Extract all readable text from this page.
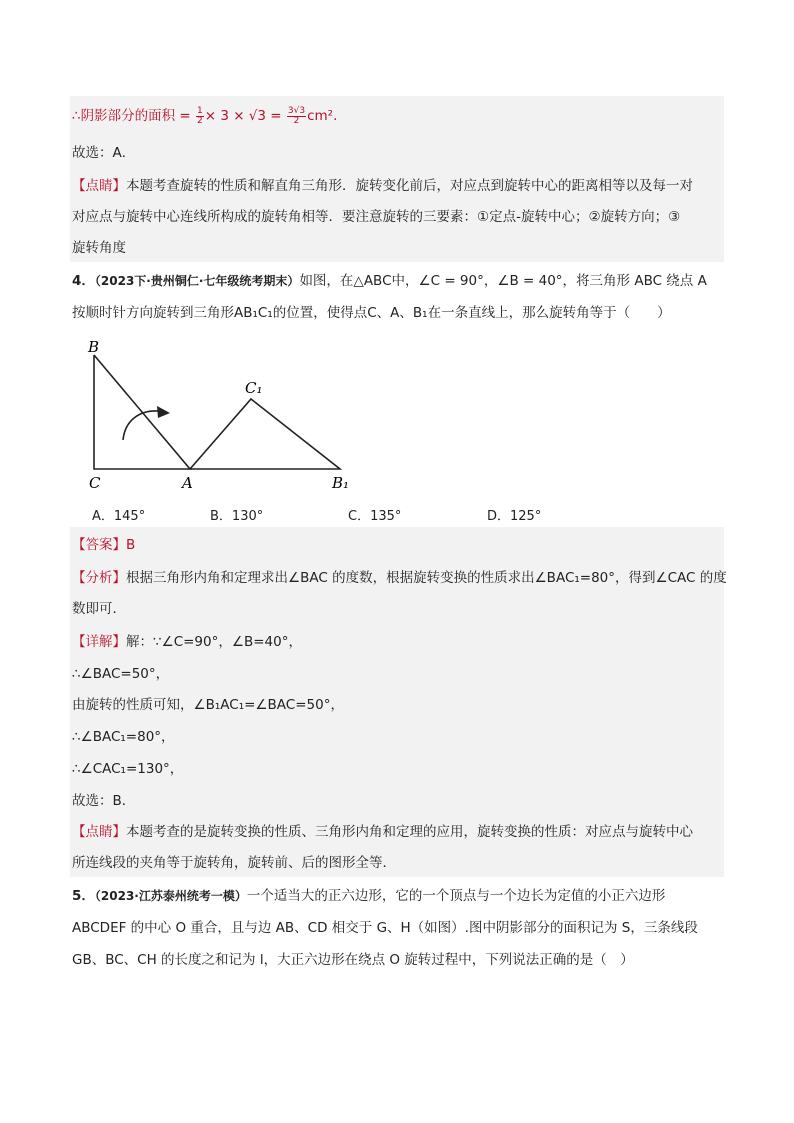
∴阴影部分的面积 = $\frac{1}{2} \times 3 \times √3 = \frac{3√3}{2} cm^2$.
故选：A．
【点睛】本题考查旋转的性质和解直角三角形．旋转变化前后，对应点到旋转中心的距离相等以及每一对
对应点与旋转中心连线所构成的旋转角相等．要注意旋转的三要素：①定点-旋转中心；②旋转方向；③
旋转角度
4．（2023下·贵州铜仁·七年级统考期末）如图，在△ABC中，∠C = 90°，∠B = 40°，将三角形 ABC 绕点 A
按顺时针方向旋转到三角形AB₁C₁的位置，使得点C、A、B₁在一条直线上，那么旋转角等于（　　）
B
C₁
C	A	B₁
A．145°	B．130°	C．135°	D．125°
【答案】B
【分析】根据三角形内角和定理求出∠BAC 的度数，根据旋转变换的性质求出∠BAC₁=80°，得到∠CAC 的度
数即可．
【详解】解：∵∠C=90°，∠B=40°，
∴∠BAC=50°，
由旋转的性质可知，∠B₁AC₁=∠BAC=50°，
∴∠BAC₁=80°，
∴∠CAC₁=130°，
故选：B．
【点睛】本题考查的是旋转变换的性质、三角形内角和定理的应用，旋转变换的性质：对应点与旋转中心
所连线段的夹角等于旋转角，旋转前、后的图形全等．
5．（2023·江苏泰州统考一模）一个适当大的正六边形，它的一个顶点与一个边长为定值的小正六边形
ABCDEF 的中心 O 重合，且与边 AB、CD 相交于 G、H（如图）.图中阴影部分的面积记为 S，三条线段
GB、BC、CH 的长度之和记为 l，大正六边形在绕点 O 旋转过程中，下列说法正确的是（　）
